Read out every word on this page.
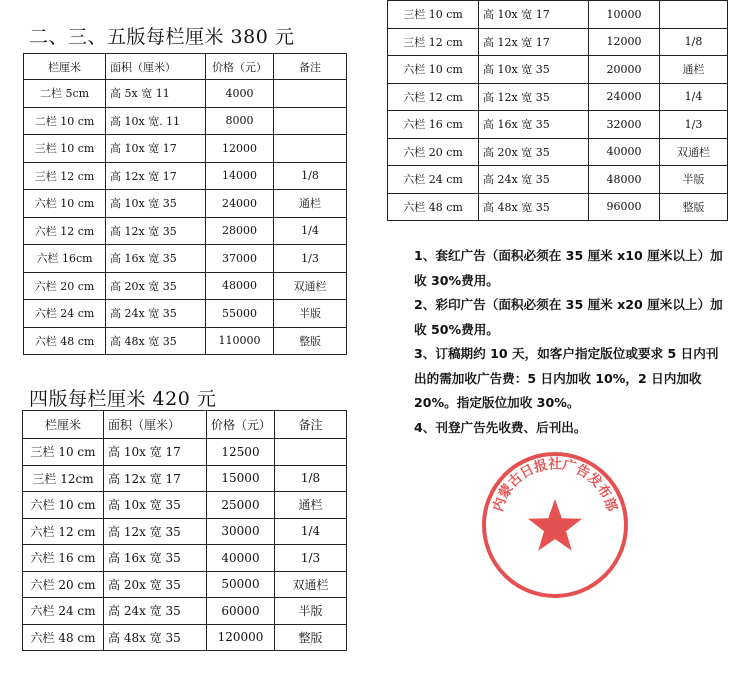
二、三、五版每栏厘米 380 元
栏厘米	面积（厘米）	价格（元）	备注
二栏 5cm	高 5x 宽 11	4000	
二栏 10 cm	高 10x 宽. 11	8000	
三栏 10 cm	高 10x 宽 17	12000	
三栏 12 cm	高 12x 宽 17	14000	1/8
六栏 10 cm	高 10x 宽 35	24000	通栏
六栏 12 cm	高 12x 宽 35	28000	1/4
六栏 16cm	高 16x 宽 35	37000	1/3
六栏 20 cm	高 20x 宽 35	48000	双通栏
六栏 24 cm	高 24x 宽 35	55000	半版
六栏 48 cm	高 48x 宽 35	110000	整版
三栏 10 cm	高 10x 宽 17	10000	
三栏 12 cm	高 12x 宽 17	12000	1/8
六栏 10 cm	高 10x 宽 35	20000	通栏
六栏 12 cm	高 12x 宽 35	24000	1/4
六栏 16 cm	高 16x 宽 35	32000	1/3
六栏 20 cm	高 20x 宽 35	40000	双通栏
六栏 24 cm	高 24x 宽 35	48000	半版
六栏 48 cm	高 48x 宽 35	96000	整版
四版每栏厘米 420 元
栏厘米	面积（厘米）	价格（元）	备注
三栏 10 cm	高 10x 宽 17	12500	
三栏 12cm	高 12x 宽 17	15000	1/8
六栏 10 cm	高 10x 宽 35	25000	通栏
六栏 12 cm	高 12x 宽 35	30000	1/4
六栏 16 cm	高 16x 宽 35	40000	1/3
六栏 20 cm	高 20x 宽 35	50000	双通栏
六栏 24 cm	高 24x 宽 35	60000	半版
六栏 48 cm	高 48x 宽 35	120000	整版

1、套红广告（面积必须在 35 厘米 x10 厘米以上）加收 30%费用。

2、彩印广告（面积必须在 35 厘米 x20 厘米以上）加收 50%费用。

3、订稿期约 10 天，如客户指定版位或要求 5 日内刊出的需加收广告费：5 日内加收 10%，2 日内加收 20%。指定版位加收 30%。

4、刊登广告先收费、后刊出。

内蒙古日报社广告发布部
